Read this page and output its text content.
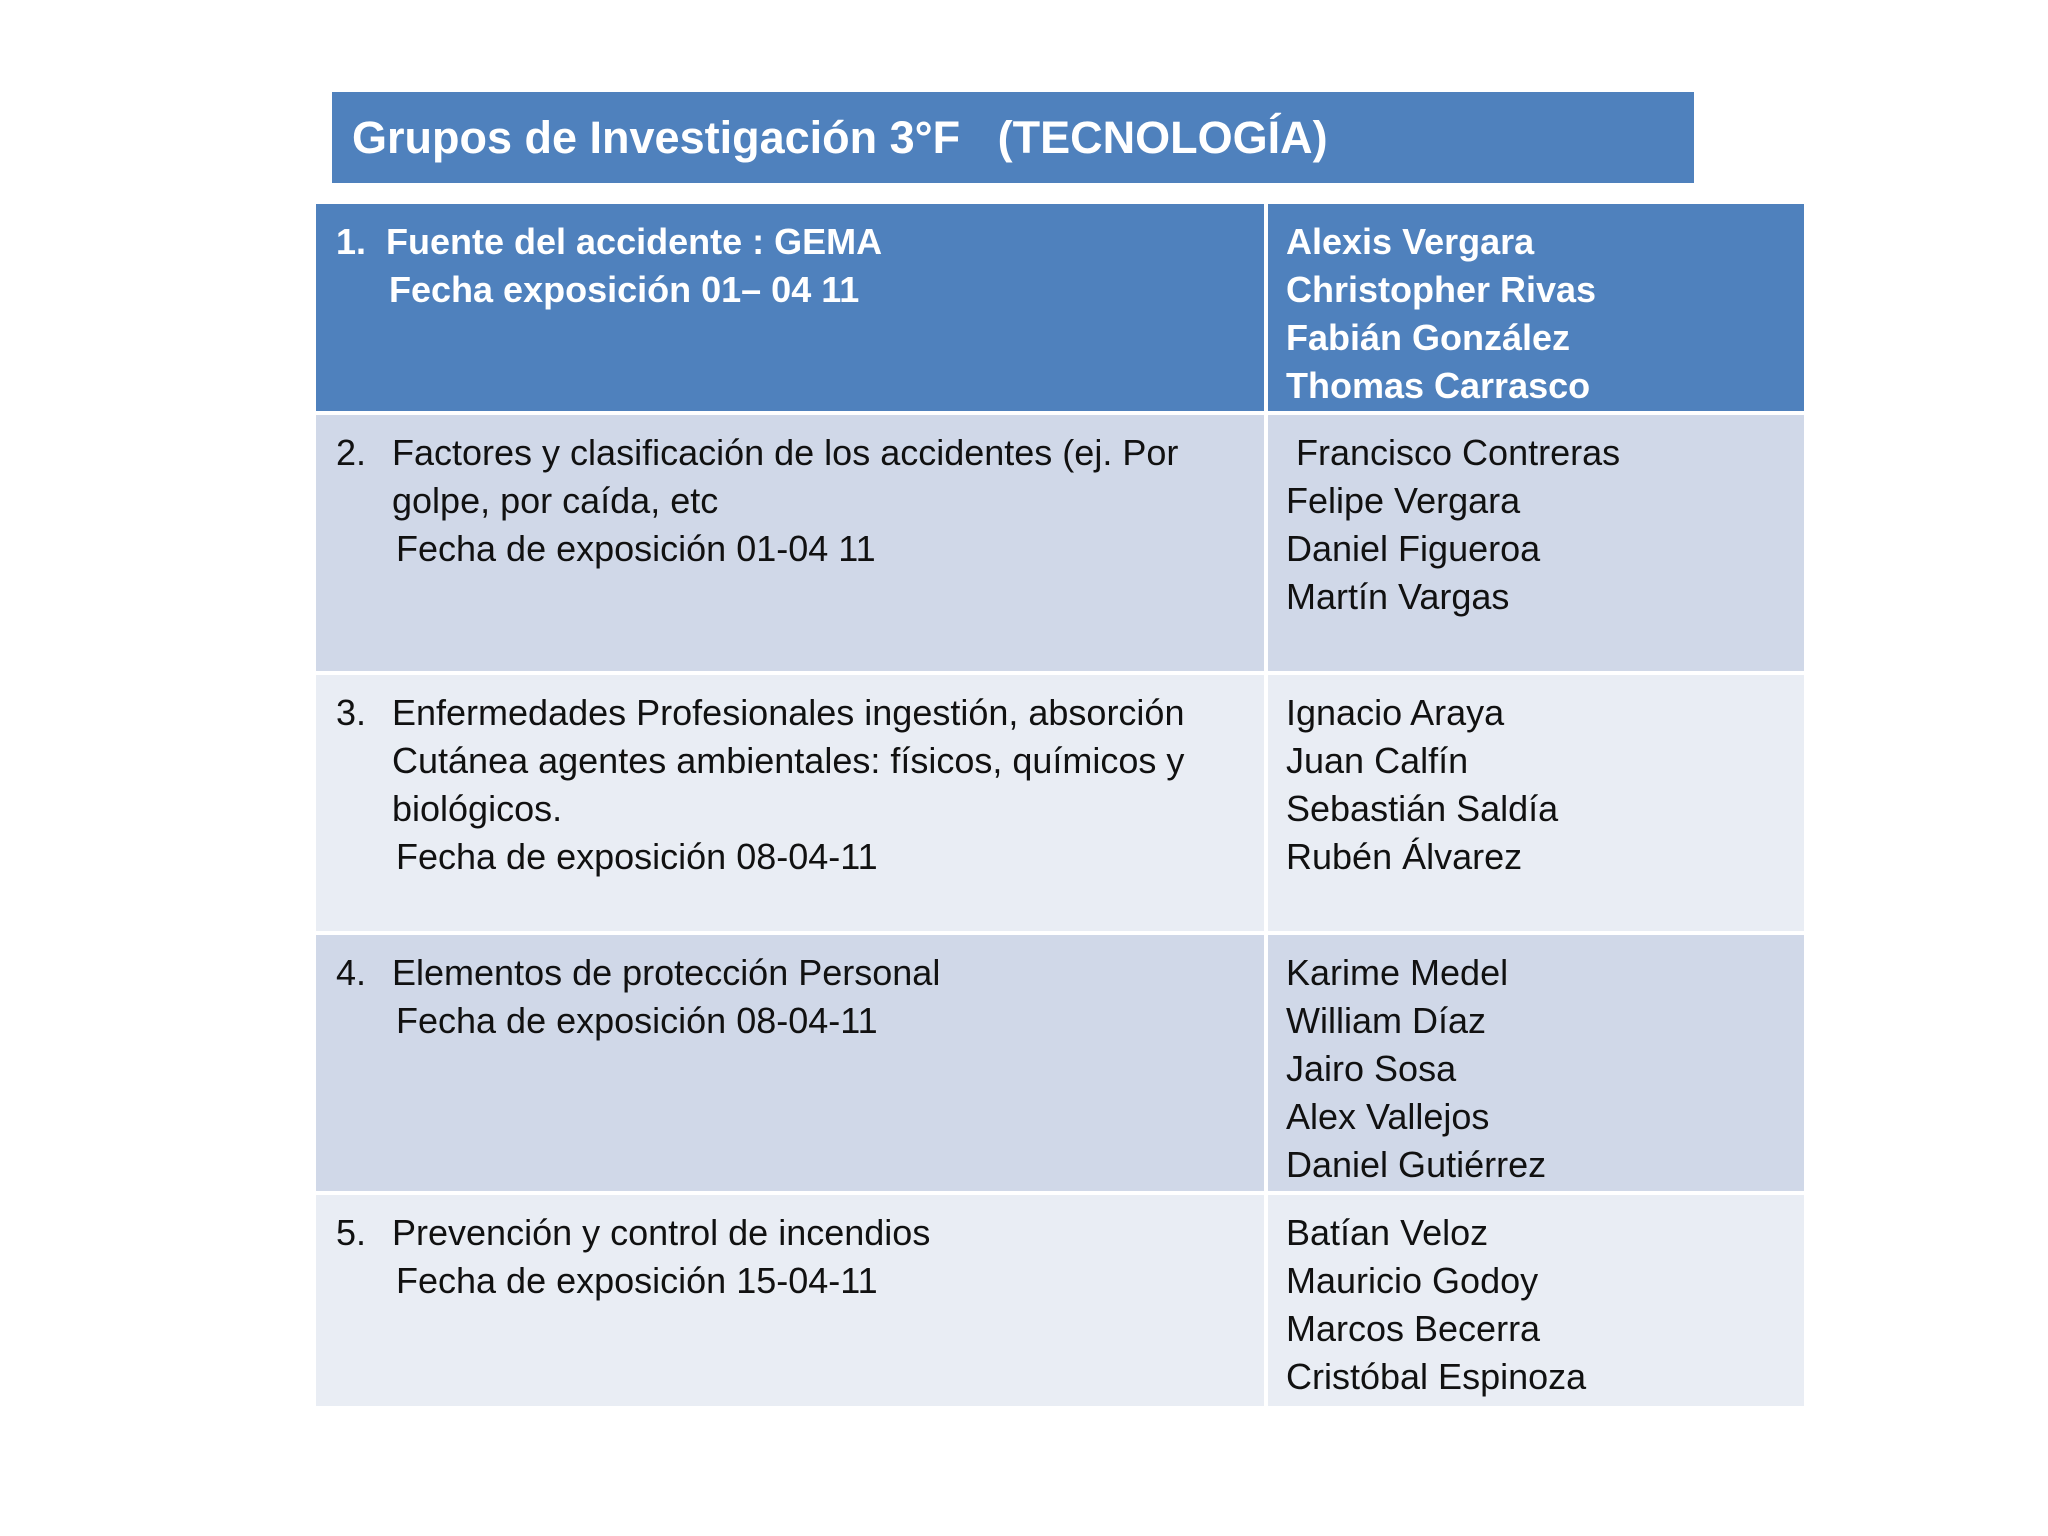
Grupos de Investigación 3°F   (TECNOLOGÍA)
1. Fuente del accidente : GEMA
Fecha exposición 01– 04 11
Alexis Vergara
Christopher Rivas
Fabián González
Thomas Carrasco
2. Factores y clasificación de los accidentes (ej. Por golpe, por caída, etc
Fecha de exposición 01-04 11
Francisco Contreras
Felipe Vergara
Daniel Figueroa
Martín Vargas
3. Enfermedades Profesionales ingestión, absorción Cutánea agentes ambientales: físicos, químicos y biológicos.
Fecha de exposición 08-04-11
Ignacio Araya
Juan Calfín
Sebastián Saldía
Rubén Álvarez
4. Elementos de protección Personal
Fecha de exposición 08-04-11
Karime Medel
William Díaz
Jairo Sosa
Alex Vallejos
Daniel Gutiérrez
5. Prevención y control de incendios
Fecha de exposición 15-04-11
Batían Veloz
Mauricio Godoy
Marcos Becerra
Cristóbal Espinoza
